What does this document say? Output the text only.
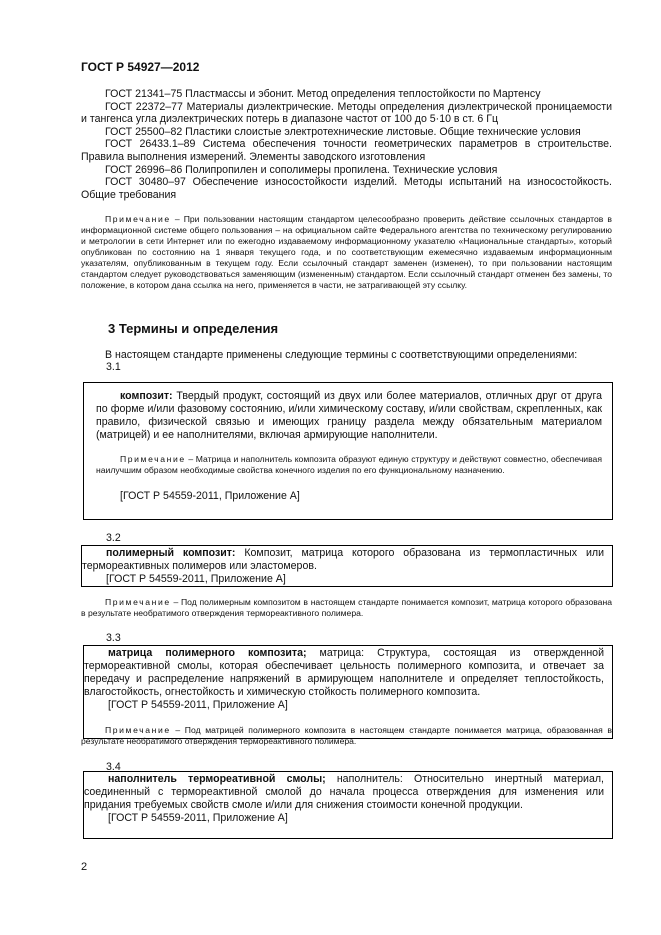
ГОСТ Р 54927—2012

ГОСТ 21341–75 Пластмассы и эбонит. Метод определения теплостойкости по Мартенсу

ГОСТ 22372–77 Материалы диэлектрические. Методы определения диэлектрической проницаемости и тангенса угла диэлектрических потерь в диапазоне частот от 100 до 5·10 в ст. 6 Гц

ГОСТ 25500–82 Пластики слоистые электротехнические листовые. Общие технические условия

ГОСТ 26433.1–89 Система обеспечения точности геометрических параметров в строительстве. Правила выполнения измерений. Элементы заводского изготовления

ГОСТ 26996–86 Полипропилен и сополимеры пропилена. Технические условия

ГОСТ 30480–97 Обеспечение износостойкости изделий. Методы испытаний на износостойкость. Общие требования

Примечание – При пользовании настоящим стандартом целесообразно проверить действие ссылочных стандартов в информационной системе общего пользования – на официальном сайте Федерального агентства по техническому регулированию и метрологии в сети Интернет или по ежегодно издаваемому информационному указателю «Национальные стандарты», который опубликован по состоянию на 1 января текущего года, и по соответствующим ежемесячно издаваемым информационным указателям, опубликованным в текущем году. Если ссылочный стандарт заменен (изменен), то при пользовании настоящим стандартом следует руководствоваться заменяющим (измененным) стандартом. Если ссылочный стандарт отменен без замены, то положение, в котором дана ссылка на него, применяется в части, не затрагивающей эту ссылку.

3 Термины и определения
В настоящем стандарте применены следующие термины с соответствующими определениями:
3.1

композит: Твердый продукт, состоящий из двух или более материалов, отличных друг от друга по форме и/или фазовому состоянию, и/или химическому составу, и/или свойствам, скрепленных, как правило, физической связью и имеющих границу раздела между обязательным материалом (матрицей) и ее наполнителями, включая армирующие наполнители.

Примечание – Матрица и наполнитель композита образуют единую структуру и действуют совместно, обеспечивая наилучшим образом необходимые свойства конечного изделия по его функциональному назначению.

[ГОСТ Р 54559-2011, Приложение А]

3.2

полимерный композит: Композит, матрица которого образована из термопластичных или термореактивных полимеров или эластомеров.

[ГОСТ Р 54559-2011, Приложение А]

Примечание – Под полимерным композитом в настоящем стандарте понимается композит, матрица которого образована в результате необратимого отверждения термореактивного полимера.

3.3

матрица полимерного композита; матрица: Структура, состоящая из отвержденной термореактивной смолы, которая обеспечивает цельность полимерного композита, и отвечает за передачу и распределение напряжений в армирующем наполнителе и определяет теплостойкость, влагостойкость, огнестойкость и химическую стойкость полимерного композита.

[ГОСТ Р 54559-2011, Приложение А]

Примечание – Под матрицей полимерного композита в настоящем стандарте понимается матрица, образованная в результате необратимого отверждения термореактивного полимера.

3.4

наполнитель термореативной смолы; наполнитель: Относительно инертный материал, соединенный с термореактивной смолой до начала процесса отверждения для изменения или придания требуемых свойств смоле и/или для снижения стоимости конечной продукции.

[ГОСТ Р 54559-2011, Приложение А]

2
